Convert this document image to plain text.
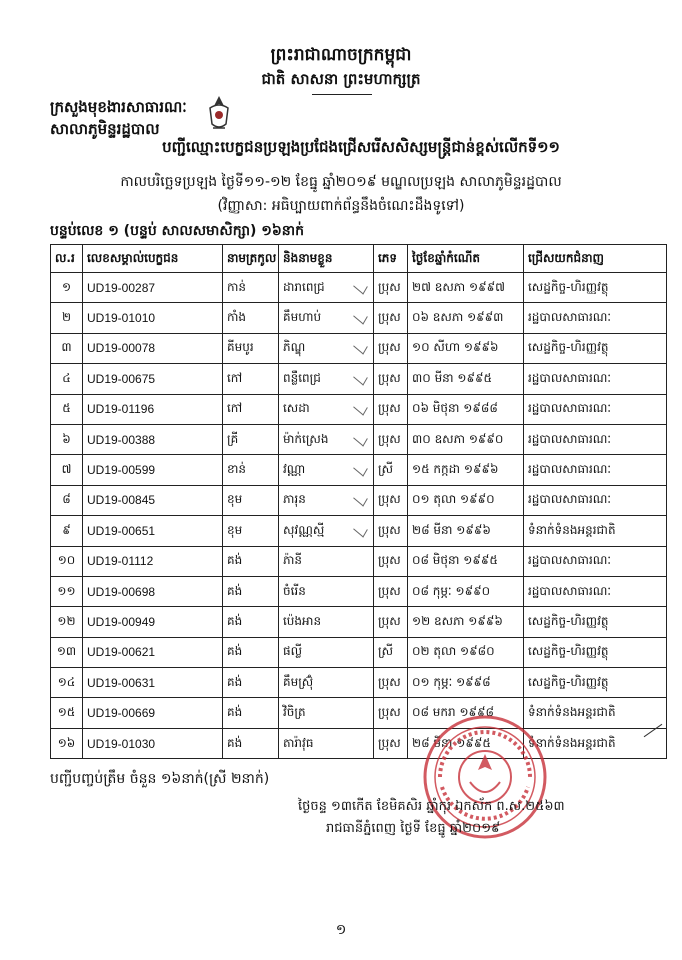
ព្រះរាជាណាចក្រកម្ពុជា
ជាតិ សាសនា ព្រះមហាក្សត្រ
ក្រសួងមុខងារសាធារណៈ
សាលាភូមិន្ទរដ្ឋបាល
បញ្ជីឈ្មោះបេក្ខជនប្រឡងប្រជែងជ្រើសរើសសិស្សមន្ត្រីជាន់ខ្ពស់លើកទី១១
កាលបរិច្ឆេទប្រឡង ថ្ងៃទី១១-១២ ខែធ្នូ ឆ្នាំ២០១៩ មណ្ឌលប្រឡង សាលាភូមិន្ទរដ្ឋបាល
(វិញ្ញាសា: អធិប្បាយពាក់ព័ន្ធនឹងចំណេះដឹងទូទៅ)
បន្ទប់លេខ ១ (បន្ទប់ សាលសមាសិក្សា) ១៦នាក់
ល.រ	លេខសម្គាល់បេក្ខជន	នាមត្រកូល	និងនាមខ្លួន	ភេទ	ថ្ងៃខែឆ្នាំកំណើត	ជ្រើសយកជំនាញ
១	UD19-00287	កាន់	ដារាពេជ្រ	ប្រុស	២៧ ឧសភា ១៩៩៧	សេដ្ឋកិច្ច-ហិរញ្ញវត្ថុ
២	UD19-01010	កាំង	គឹមហាប់	ប្រុស	០៦ ឧសភា ១៩៩៣	រដ្ឋបាលសាធារណៈ
៣	UD19-00078	គីមបូរ	ភិណ្ឌុ	ប្រុស	១០ សីហា ១៩៩៦	សេដ្ឋកិច្ច-ហិរញ្ញវត្ថុ
៤	UD19-00675	កៅ	ពន្លឺពេជ្រ	ប្រុស	៣០ មីនា ១៩៩៥	រដ្ឋបាលសាធារណៈ
៥	UD19-01196	កៅ	សេដា	ប្រុស	០៦ មិថុនា ១៩៨៨	រដ្ឋបាលសាធារណៈ
៦	UD19-00388	គ្រី	ម៉ាក់ស្រេង	ប្រុស	៣០ ឧសភា ១៩៩០	រដ្ឋបាលសាធារណៈ
៧	UD19-00599	ខាន់	វណ្ណា	ស្រី	១៥ កក្កដា ១៩៩៦	រដ្ឋបាលសាធារណៈ
៨	UD19-00845	ខុម	ភារុន	ប្រុស	០១ តុលា ១៩៩០	រដ្ឋបាលសាធារណៈ
៩	UD19-00651	ខុម	សុវណ្ណស្មី	ប្រុស	២៨ មីនា ១៩៩៦	ទំនាក់ទំនងអន្តរជាតិ
១០	UD19-01112	គង់	ភ៉ានី	ប្រុស	០៨ មិថុនា ១៩៩៥	រដ្ឋបាលសាធារណៈ
១១	UD19-00698	គង់	ចំរើន	ប្រុស	០៨ កុម្ភៈ ១៩៩០	រដ្ឋបាលសាធារណៈ
១២	UD19-00949	គង់	ប៉េងអាន	ប្រុស	១២ ឧសភា ១៩៩៦	សេដ្ឋកិច្ច-ហិរញ្ញវត្ថុ
១៣	UD19-00621	គង់	ផល្លី	ស្រី	០២ តុលា ១៩៨០	សេដ្ឋកិច្ច-ហិរញ្ញវត្ថុ
១៤	UD19-00631	គង់	គឹមស្រ៊ុំ	ប្រុស	០១ កុម្ភៈ ១៩៩៨	សេដ្ឋកិច្ច-ហិរញ្ញវត្ថុ
១៥	UD19-00669	គង់	វិចិត្រ	ប្រុស	០៨ មករា ១៩៩៨	ទំនាក់ទំនងអន្តរជាតិ
១៦	UD19-01030	គង់	តារ៉ាវុធ	ប្រុស	២៨ មីនា ១៩៩៥	ទំនាក់ទំនងអន្តរជាតិ
បញ្ជីបញ្ចប់ត្រឹម ចំនួន ១៦នាក់(ស្រី ២នាក់)
ថ្ងៃចន្ទ ១៣កើត ខែមិគសិរ ឆ្នាំកុរ ឯកស័ក ព.ស.២៥៦៣
រាជធានីភ្នំពេញ ថ្ងៃទី ខែធ្នូ ឆ្នាំ២០១៩
១
